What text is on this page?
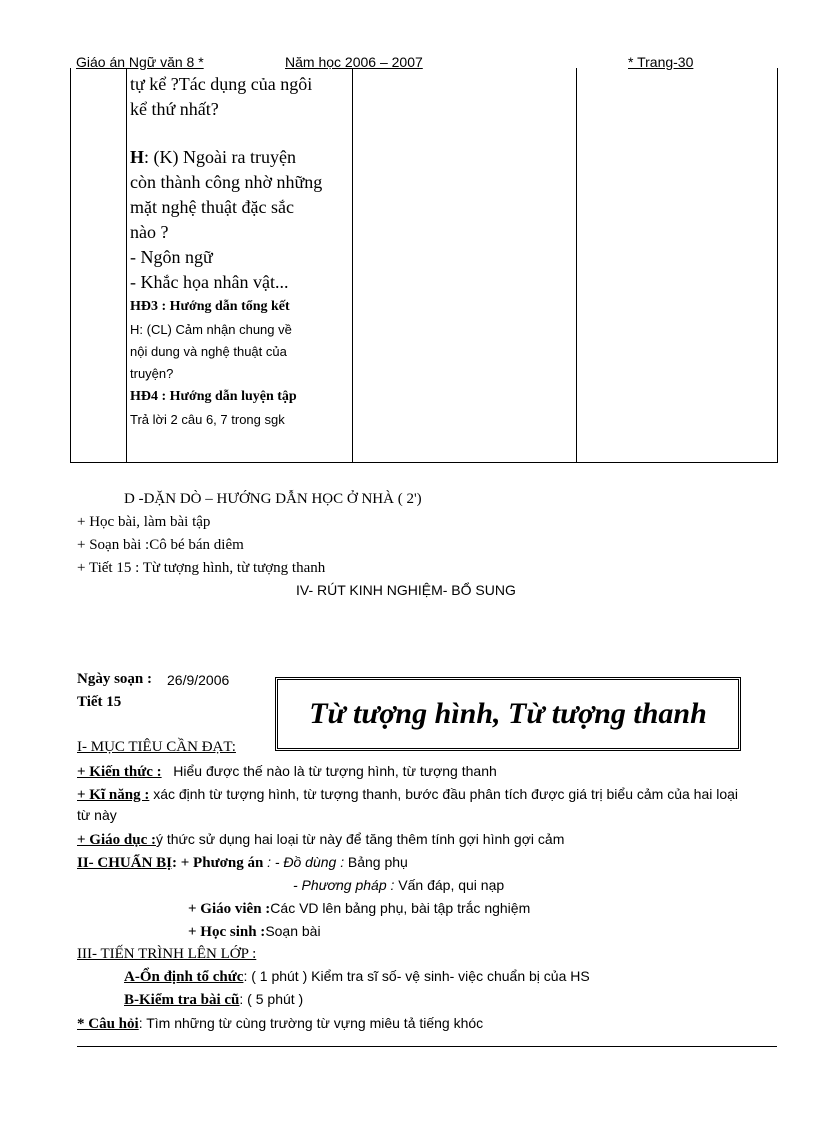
Giáo án Ngữ văn 8 *	Năm học 2006 – 2007	* Trang-30
tự kể ?Tác dụng của ngôi
kể thứ nhất?
H: (K) Ngoài ra truyện
còn thành công nhờ những
mặt nghệ thuật đặc sắc
nào ?
- Ngôn ngữ
- Khắc họa nhân vật...
HĐ3 : Hướng dẫn tổng kết
H: (CL) Cảm nhận chung về
nội dung và nghệ thuật của
truyện?
HĐ4 : Hướng dẫn luyện tập
Trả lời 2 câu 6, 7 trong sgk
D -DẶN DÒ – HƯỚNG DẪN HỌC Ở NHÀ ( 2')
+ Học bài, làm bài tập
+ Soạn bài :Cô bé bán diêm
+ Tiết 15 : Từ tượng hình, từ tượng thanh
IV- RÚT KINH NGHIỆM- BỔ SUNG
Ngày soạn : 26/9/2006
Tiết 15	Từ tượng hình, Từ tượng thanh
I- MỤC TIÊU CẦN ĐẠT:
+ Kiến thức : Hiểu được thế nào là từ tượng hình, từ tượng thanh
+ Kĩ năng : xác định từ tượng hình, từ tượng thanh, bước đầu phân tích được giá trị biểu cảm của hai loại
từ này
+ Giáo dục :ý thức sử dụng hai loại từ này để tăng thêm tính gợi hình gợi cảm
II- CHUẨN BỊ: + Phương án : - Đồ dùng : Bảng phụ
- Phương pháp : Vấn đáp, qui nạp
+ Giáo viên :Các VD lên bảng phụ, bài tập trắc nghiệm
+ Học sinh :Soạn bài
III- TIẾN TRÌNH LÊN LỚP :
A-Ổn định tổ chức: ( 1 phút ) Kiểm tra sĩ số- vệ sinh- việc chuẩn bị của HS
B-Kiểm tra bài cũ: ( 5 phút )
* Câu hỏi: Tìm những từ cùng trường từ vựng miêu tả tiếng khóc
